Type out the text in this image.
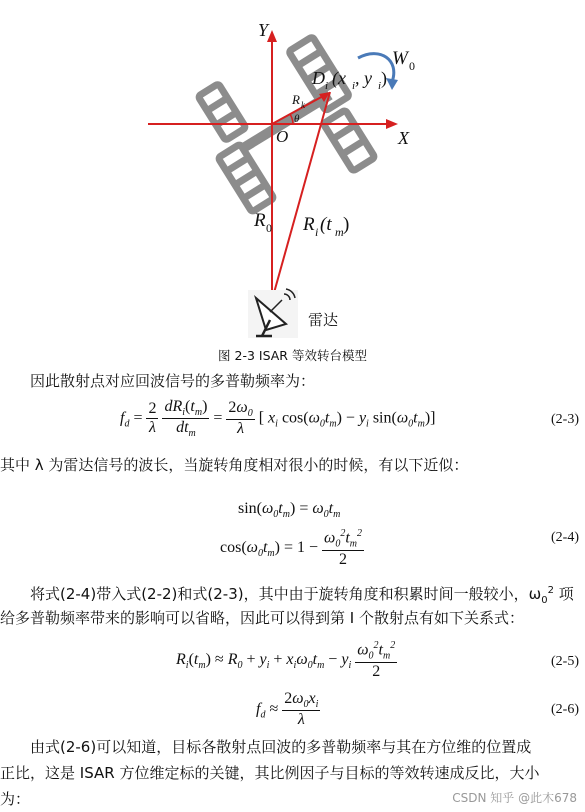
Y
X
O
W 0
D i (x i , y i )
R k
θ
R 0 R i (t m )
雷达
图 2-3 ISAR 等效转台模型
因此散射点对应回波信号的多普勒频率为：
$f_d = \frac{2}{\lambda}$
$\frac{dR_i(t_m)}{dt_m} = \frac{2\omega_0}{\lambda}$ [ $x_i$ $\cos(\omega_0t_m) - y_i$ $\sin(\omega_0t_m)$]	(2-3)
其中 λ 为雷达信号的波长，当旋转角度相对很小的时候，有以下近似：
$\sin(\omega_0t_m) = \omega_0t_m$
$\cos(\omega_0t_m) = 1 - \frac{\omega_0^2t_m^2}{2}$	(2-4)
将式(2-4)带入式(2-2)和式(2-3)，其中由于旋转角度和积累时间一般较小，$\omega_0^2$ 项
给多普勒频率带来的影响可以省略，因此可以得到第 I 个散射点有如下关系式：
$R_i(t_m) \approx R_0 + y_i + x_i\omega_0t_m - y_i \frac{\omega_0^2t_m^2}{2}$	(2-5)
$f_d \approx \frac{2\omega_0x_i}{\lambda}$	(2-6)
由式(2-6)可以知道，目标各散射点回波的多普勒频率与其在方位维的位置成
正比，这是 ISAR 方位维定标的关键，其比例因子与目标的等效转速成反比，大小
为：	CSDN 知乎 @此木678
